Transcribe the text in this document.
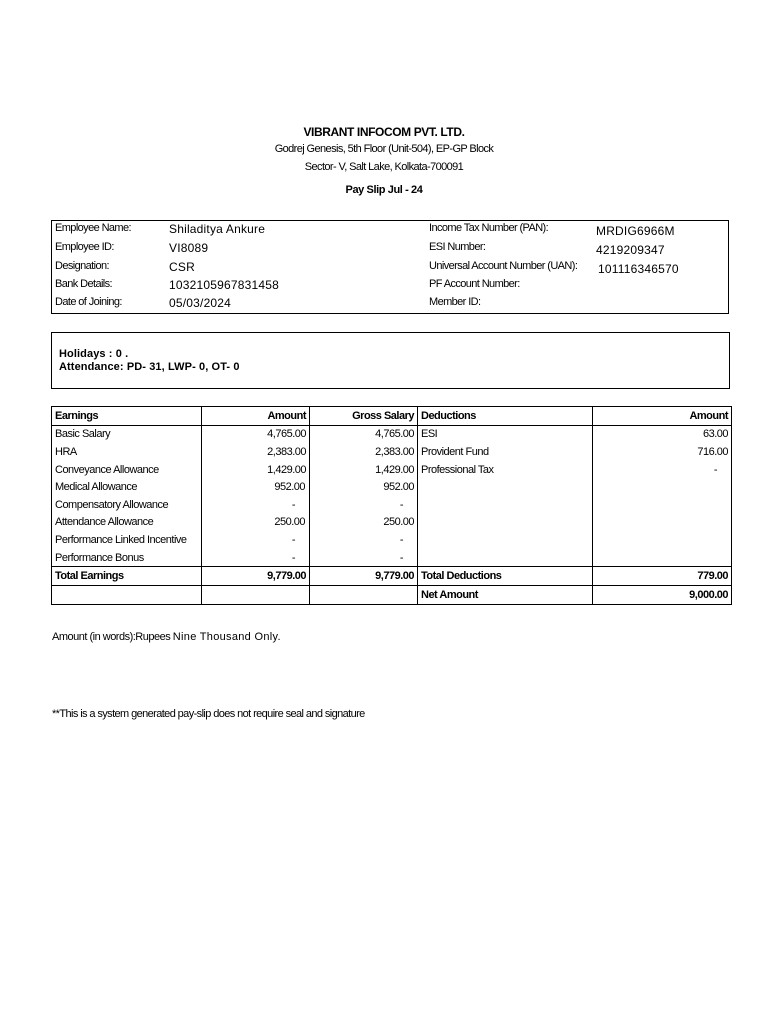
VIBRANT INFOCOM PVT. LTD.
Godrej Genesis, 5th Floor (Unit-504), EP-GP Block
Sector- V, Salt Lake, Kolkata-700091
Pay Slip Jul - 24
Employee Name:	Shiladitya Ankure	Income Tax Number (PAN):	MRDIG6966M
Employee ID:	VI8089	ESI Number:	4219209347
Designation:	CSR	Universal Account Number (UAN): 101116346570
Bank Details:	1032105967831458	PF Account Number:
Date of Joining:	05/03/2024	Member ID:
Holidays : 0 .
Attendance: PD- 31, LWP- 0, OT- 0
Earnings	Amount	Gross Salary	Deductions	Amount
Basic Salary	4,765.00	4,765.00	ESI	63.00
HRA	2,383.00	2,383.00	Provident Fund	716.00
Conveyance Allowance	1,429.00	1,429.00	Professional Tax	-
Medical Allowance	952.00	952.00		
Compensatory Allowance	-	-		
Attendance Allowance	250.00	250.00		
Performance Linked Incentive	-	-		
Performance Bonus	-	-		
Total Earnings	9,779.00	9,779.00	Total Deductions	779.00
			Net Amount	9,000.00
Amount (in words):Rupees Nine Thousand Only.
**This is a system generated pay-slip does not require seal and signature
